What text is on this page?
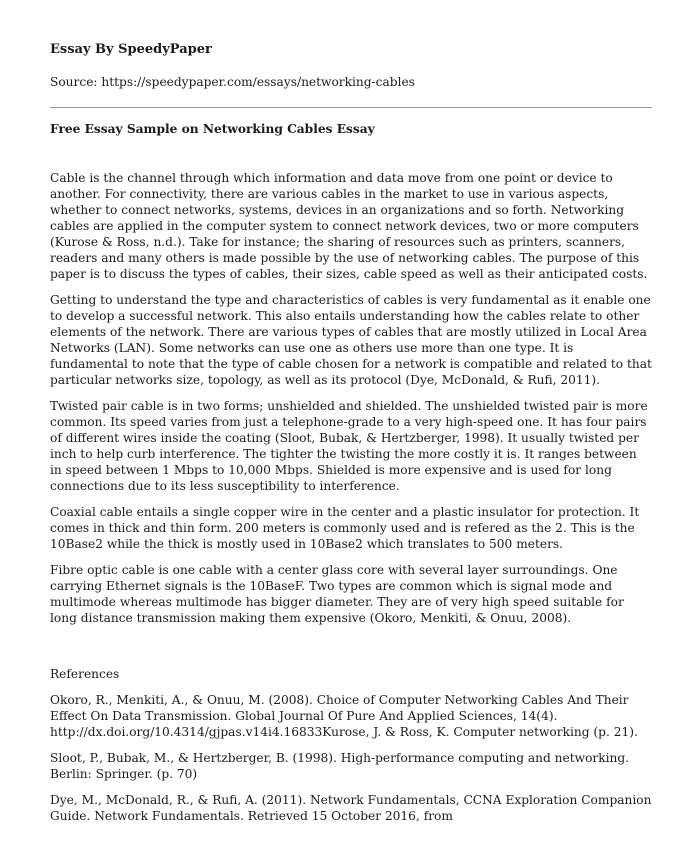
Essay By SpeedyPaper
Source: https://speedypaper.com/essays/networking-cables
Free Essay Sample on Networking Cables Essay

Cable is the channel through which information and data move from one point or device to another. For connectivity, there are various cables in the market to use in various aspects, whether to connect networks, systems, devices in an organizations and so forth. Networking cables are applied in the computer system to connect network devices, two or more computers (Kurose & Ross, n.d.). Take for instance; the sharing of resources such as printers, scanners, readers and many others is made possible by the use of networking cables. The purpose of this paper is to discuss the types of cables, their sizes, cable speed as well as their anticipated costs.

Getting to understand the type and characteristics of cables is very fundamental as it enable one to develop a successful network. This also entails understanding how the cables relate to other elements of the network. There are various types of cables that are mostly utilized in Local Area Networks (LAN). Some networks can use one as others use more than one type. It is fundamental to note that the type of cable chosen for a network is compatible and related to that particular networks size, topology, as well as its protocol (Dye, McDonald, & Rufi, 2011).

Twisted pair cable is in two forms; unshielded and shielded. The unshielded twisted pair is more common. Its speed varies from just a telephone-grade to a very high-speed one. It has four pairs of different wires inside the coating (Sloot, Bubak, & Hertzberger, 1998). It usually twisted per inch to help curb interference. The tighter the twisting the more costly it is. It ranges between in speed between 1 Mbps to 10,000 Mbps. Shielded is more expensive and is used for long connections due to its less susceptibility to interference.

Coaxial cable entails a single copper wire in the center and a plastic insulator for protection. It comes in thick and thin form. 200 meters is commonly used and is refered as the 2. This is the 10Base2 while the thick is mostly used in 10Base2 which translates to 500 meters.

Fibre optic cable is one cable with a center glass core with several layer surroundings. One carrying Ethernet signals is the 10BaseF. Two types are common which is signal mode and multimode whereas multimode has bigger diameter. They are of very high speed suitable for long distance transmission making them expensive (Okoro, Menkiti, & Onuu, 2008).

References

Okoro, R., Menkiti, A., & Onuu, M. (2008). Choice of Computer Networking Cables And Their Effect On Data Transmission. Global Journal Of Pure And Applied Sciences, 14(4). http://dx.doi.org/10.4314/gjpas.v14i4.16833Kurose, J. & Ross, K. Computer networking (p. 21).

Sloot, P., Bubak, M., & Hertzberger, B. (1998). High-performance computing and networking. Berlin: Springer. (p. 70)

Dye, M., McDonald, R., & Rufi, A. (2011). Network Fundamentals, CCNA Exploration Companion Guide. Network Fundamentals. Retrieved 15 October 2016, from
